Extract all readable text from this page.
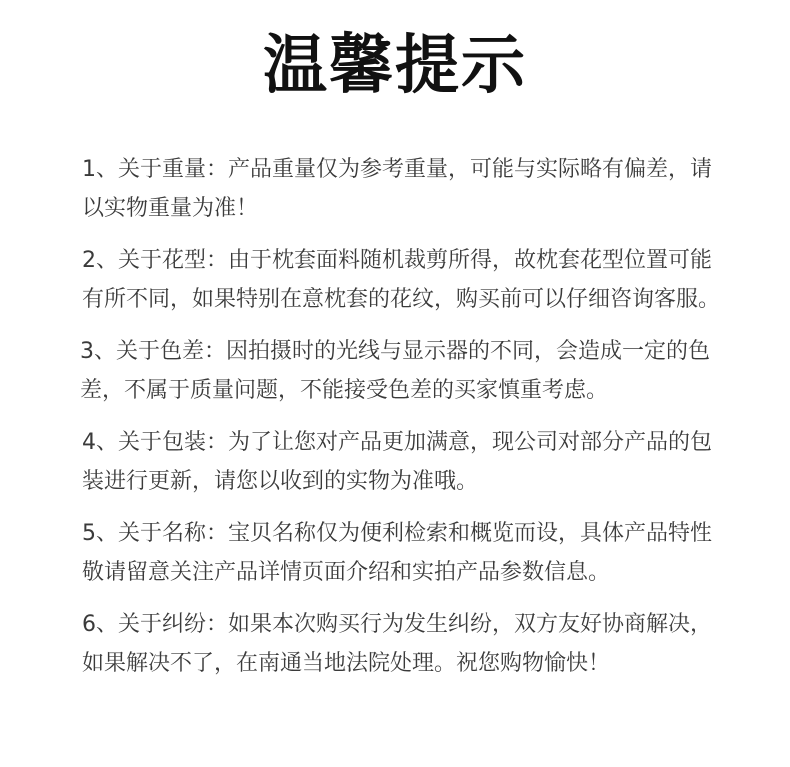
温馨提示
1、关于重量：产品重量仅为参考重量，可能与实际略有偏差，请以实物重量为准！
2、关于花型：由于枕套面料随机裁剪所得，故枕套花型位置可能有所不同，如果特别在意枕套的花纹，购买前可以仔细咨询客服。
3、关于色差：因拍摄时的光线与显示器的不同，会造成一定的色差，不属于质量问题，不能接受色差的买家慎重考虑。
4、关于包装：为了让您对产品更加满意，现公司对部分产品的包装进行更新，请您以收到的实物为准哦。
5、关于名称：宝贝名称仅为便利检索和概览而设，具体产品特性敬请留意关注产品详情页面介绍和实拍产品参数信息。
6、关于纠纷：如果本次购买行为发生纠纷，双方友好协商解决，如果解决不了，在南通当地法院处理。祝您购物愉快！
